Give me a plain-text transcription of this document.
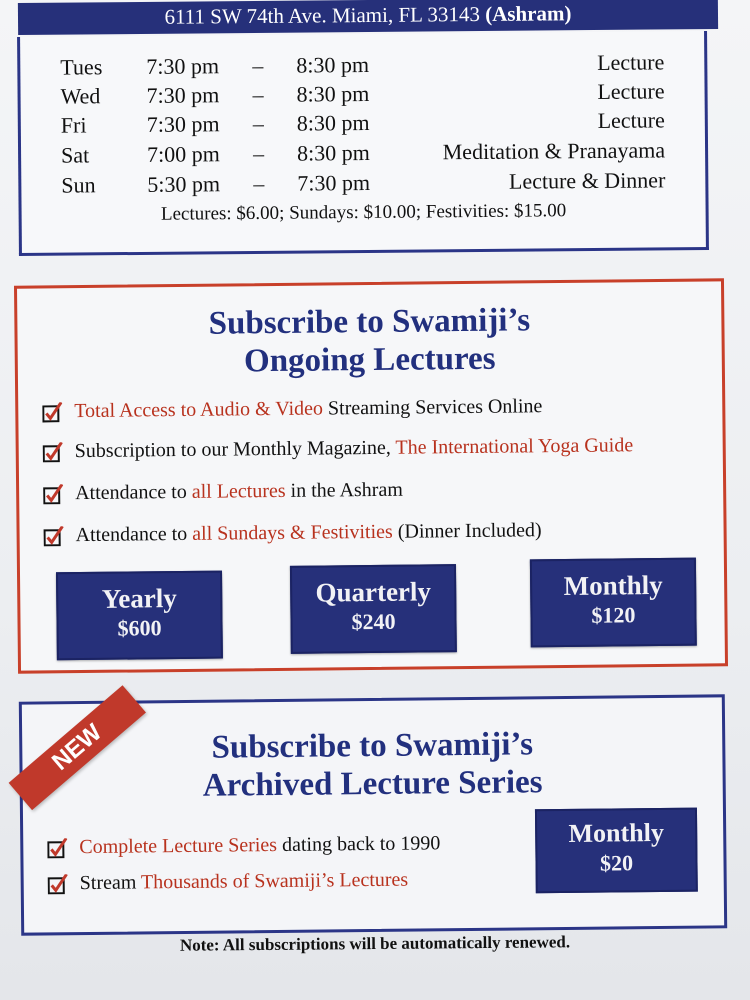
6111 SW 74th Ave. Miami, FL 33143 (Ashram)
Tues 7:30 pm – 8:30 pm	Lecture
Wed 7:30 pm – 8:30 pm	Lecture
Fri	7:30 pm – 8:30 pm	Lecture
Sat	7:00 pm – 8:30 pm	Meditation & Pranayama
Sun 5:30 pm – 7:30 pm	Lecture & Dinner
Lectures: $6.00; Sundays: $10.00; Festivities: $15.00
Subscribe to Swamiji’s
Ongoing Lectures
Total Access to Audio & Video Streaming Services Online
Subscription to our Monthly Magazine, The International Yoga Guide
Attendance to all Lectures in the Ashram
Attendance to all Sundays & Festivities (Dinner Included)
Yearly
$600
Quarterly
$240
Monthly
$120
NEW	Subscribe to Swamiji’s
Archived Lecture Series
Complete Lecture Series dating back to 1990
Stream Thousands of Swamiji’s Lectures
Monthly
$20
Note: All subscriptions will be automatically renewed.
